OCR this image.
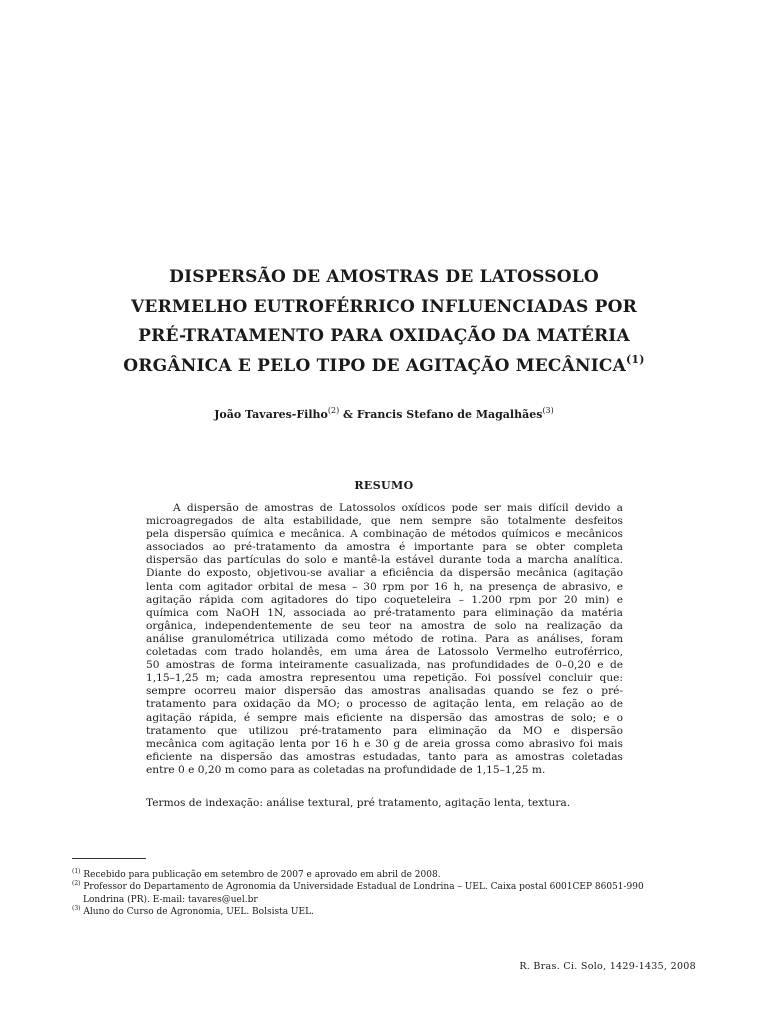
DISPERSÃO DE AMOSTRAS DE LATOSSOLO
VERMELHO EUTROFÉRRICO INFLUENCIADAS POR
PRÉ-TRATAMENTO PARA OXIDAÇÃO DA MATÉRIA
ORGÂNICA E PELO TIPO DE AGITAÇÃO MECÂNICA$^{(1)}$
João Tavares-Filho$^{(2)}$ & Francis Stefano de Magalhães$^{(3)}$
RESUMO
A dispersão de amostras de Latossolos oxídicos pode ser mais difícil devido a
microagregados de alta estabilidade, que nem sempre são totalmente desfeitos
pela dispersão química e mecânica. A combinação de métodos químicos e mecânicos
associados ao pré-tratamento da amostra é importante para se obter completa
dispersão das partículas do solo e mantê-la estável durante toda a marcha analítica.
Diante do exposto, objetivou-se avaliar a eficiência da dispersão mecânica (agitação
lenta com agitador orbital de mesa – 30 rpm por 16 h, na presença de abrasivo, e
agitação rápida com agitadores do tipo coqueteleira – 1.200 rpm por 20 min) e
química com NaOH 1N, associada ao pré-tratamento para eliminação da matéria
orgânica, independentemente de seu teor na amostra de solo na realização da
análise granulométrica utilizada como método de rotina. Para as análises, foram
coletadas com trado holandês, em uma área de Latossolo Vermelho eutroférrico,
50 amostras de forma inteiramente casualizada, nas profundidades de 0–0,20 e de
1,15–1,25 m; cada amostra representou uma repetição. Foi possível concluir que:
sempre ocorreu maior dispersão das amostras analisadas quando se fez o pré-
tratamento para oxidação da MO; o processo de agitação lenta, em relação ao de
agitação rápida, é sempre mais eficiente na dispersão das amostras de solo; e o
tratamento que utilizou pré-tratamento para eliminação da MO e dispersão
mecânica com agitação lenta por 16 h e 30 g de areia grossa como abrasivo foi mais
eficiente na dispersão das amostras estudadas, tanto para as amostras coletadas
entre 0 e 0,20 m como para as coletadas na profundidade de 1,15–1,25 m.
Termos de indexação: análise textural, pré tratamento, agitação lenta, textura.
$^{(1)}$ Recebido para publicação em setembro de 2007 e aprovado em abril de 2008.
$^{(2)}$ Professor do Departamento de Agronomia da Universidade Estadual de Londrina – UEL. Caixa postal 6001CEP 86051-990
Londrina (PR). E-mail: tavares@uel.br
$^{(3)}$ Aluno do Curso de Agronomia, UEL. Bolsista UEL.
R. Bras. Ci. Solo, 1429-1435, 2008
